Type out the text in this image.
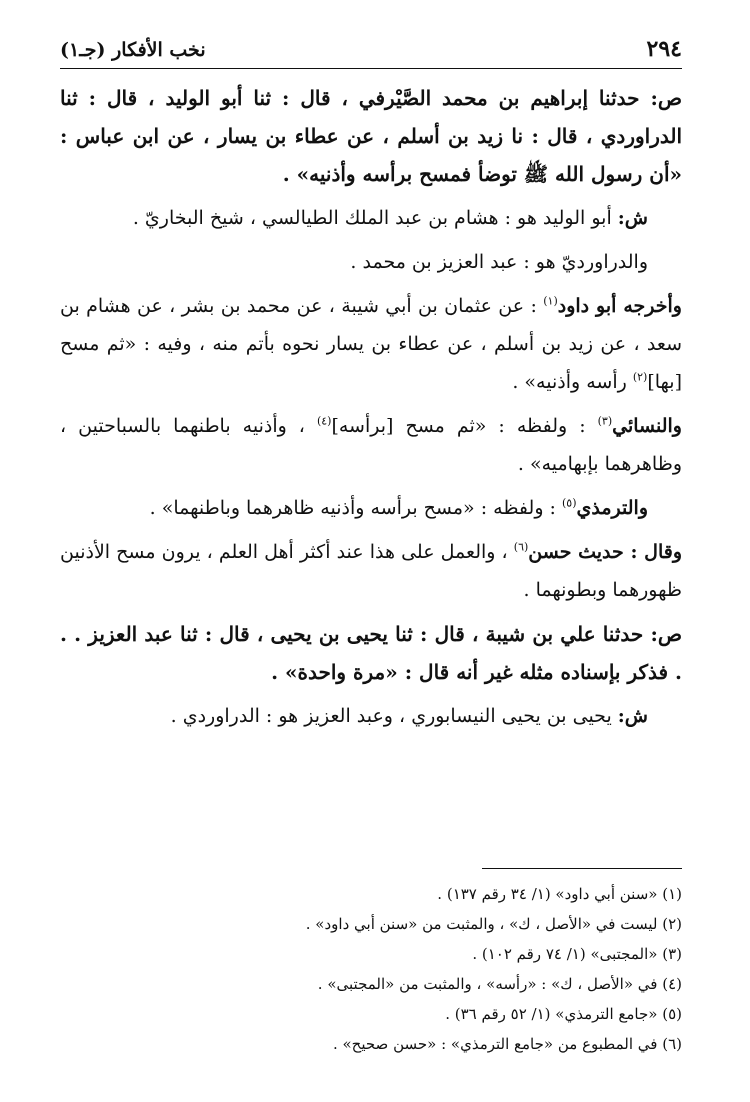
٢٩٤
نخب الأفكار (جـ١)

ص: حدثنا إبراهيم بن محمد الصَّيْرفي ، قال : ثنا أبو الوليد ، قال : ثنا الدراوردي ، قال : نا زيد بن أسلم ، عن عطاء بن يسار ، عن ابن عباس : «أن رسول الله ﷺ توضأ فمسح برأسه وأذنيه» .

ش: أبو الوليد هو : هشام بن عبد الملك الطيالسي ، شيخ البخاريّ .

والدراورديّ هو : عبد العزيز بن محمد .

وأخرجه أبو داود$^{(١)}$ : عن عثمان بن أبي شيبة ، عن محمد بن بشر ، عن هشام بن سعد ، عن زيد بن أسلم ، عن عطاء بن يسار نحوه بأتم منه ، وفيه : «ثم مسح [بها]$^{(٢)}$ رأسه وأذنيه» .

والنسائي$^{(٣)}$ : ولفظه : «ثم مسح [برأسه]$^{(٤)}$ ، وأذنيه باطنهما بالسباحتين ، وظاهرهما بإبهاميه» .

والترمذي$^{(٥)}$ : ولفظه : «مسح برأسه وأذنيه ظاهرهما وباطنهما» .

وقال : حديث حسن$^{(٦)}$ ، والعمل على هذا عند أكثر أهل العلم ، يرون مسح الأذنين ظهورهما وبطونهما .

ص: حدثنا علي بن شيبة ، قال : ثنا يحيى بن يحيى ، قال : ثنا عبد العزيز . . . فذكر بإسناده مثله غير أنه قال : «مرة واحدة» .

ش: يحيى بن يحيى النيسابوري ، وعبد العزيز هو : الدراوردي .

(١) «سنن أبي داود» (١/ ٣٤ رقم ١٣٧) .
(٢) ليست في «الأصل ، ك» ، والمثبت من «سنن أبي داود» .
(٣) «المجتبى» (١/ ٧٤ رقم ١٠٢) .
(٤) في «الأصل ، ك» : «رأسه» ، والمثبت من «المجتبى» .
(٥) «جامع الترمذي» (١/ ٥٢ رقم ٣٦) .
(٦) في المطبوع من «جامع الترمذي» : «حسن صحيح» .
